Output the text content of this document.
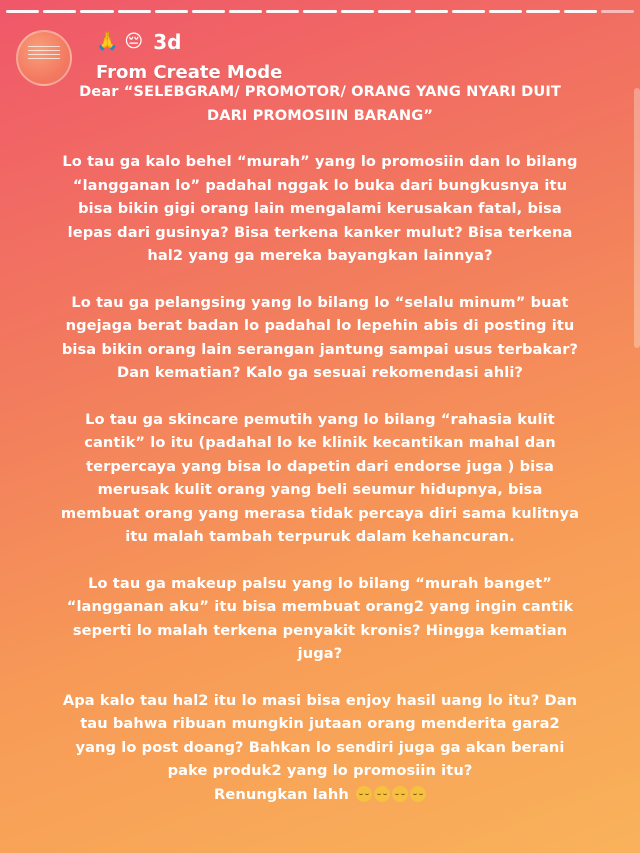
🙏 😔 3d
From Create Mode
Dear “SELEBGRAM/ PROMOTOR/ ORANG YANG NYARI DUIT
DARI PROMOSIIN BARANG”
Lo tau ga kalo behel “murah” yang lo promosiin dan lo bilang
“langganan lo” padahal nggak lo buka dari bungkusnya itu
bisa bikin gigi orang lain mengalami kerusakan fatal, bisa
lepas dari gusinya? Bisa terkena kanker mulut? Bisa terkena
hal2 yang ga mereka bayangkan lainnya?
Lo tau ga pelangsing yang lo bilang lo “selalu minum” buat
ngejaga berat badan lo padahal lo lepehin abis di posting itu
bisa bikin orang lain serangan jantung sampai usus terbakar?
Dan kematian? Kalo ga sesuai rekomendasi ahli?
Lo tau ga skincare pemutih yang lo bilang “rahasia kulit
cantik” lo itu (padahal lo ke klinik kecantikan mahal dan
terpercaya yang bisa lo dapetin dari endorse juga ) bisa
merusak kulit orang yang beli seumur hidupnya, bisa
membuat orang yang merasa tidak percaya diri sama kulitnya
itu malah tambah terpuruk dalam kehancuran.
Lo tau ga makeup palsu yang lo bilang “murah banget”
“langganan aku” itu bisa membuat orang2 yang ingin cantik
seperti lo malah terkena penyakit kronis? Hingga kematian
juga?
Apa kalo tau hal2 itu lo masi bisa enjoy hasil uang lo itu? Dan
tau bahwa ribuan mungkin jutaan orang menderita gara2
yang lo post doang? Bahkan lo sendiri juga ga akan berani
pake produk2 yang lo promosiin itu?
Renungkan lahh
